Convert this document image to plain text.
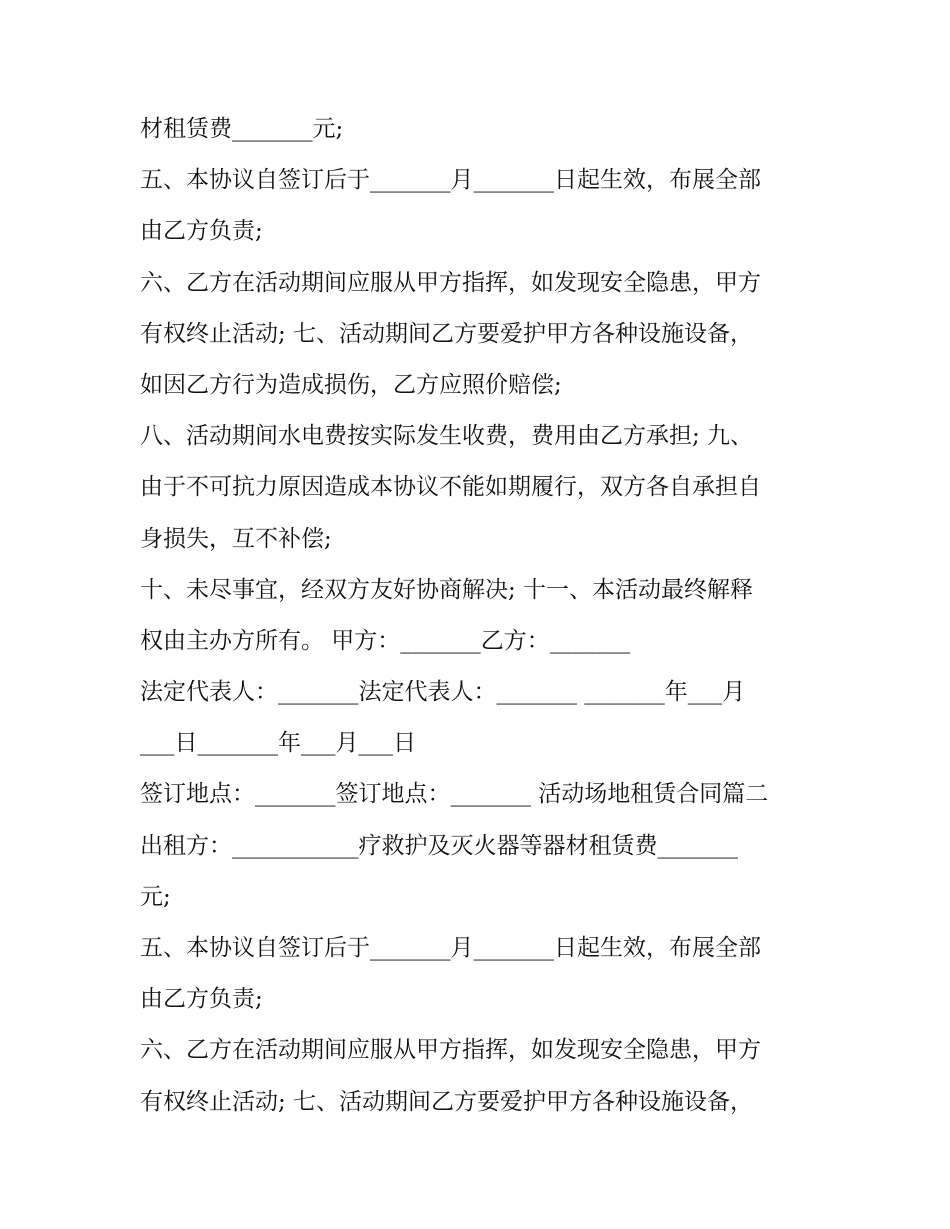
材租赁费_______元;

五、本协议自签订后于_______月_______日起生效，布展全部

由乙方负责;

六、乙方在活动期间应服从甲方指挥，如发现安全隐患，甲方

有权终止活动; 七、活动期间乙方要爱护甲方各种设施设备，

如因乙方行为造成损伤，乙方应照价赔偿;

八、活动期间水电费按实际发生收费，费用由乙方承担; 九、

由于不可抗力原因造成本协议不能如期履行，双方各自承担自

身损失，互不补偿;

十、未尽事宜，经双方友好协商解决; 十一、本活动最终解释

权由主办方所有。 甲方：_______乙方：_______

法定代表人：_______法定代表人：_______ _______年___月

___日_______年___月___日

签订地点：_______签订地点：_______ 活动场地租赁合同篇二

出租方：___________疗救护及灭火器等器材租赁费_______

元;

五、本协议自签订后于_______月_______日起生效，布展全部

由乙方负责;

六、乙方在活动期间应服从甲方指挥，如发现安全隐患，甲方

有权终止活动; 七、活动期间乙方要爱护甲方各种设施设备，
